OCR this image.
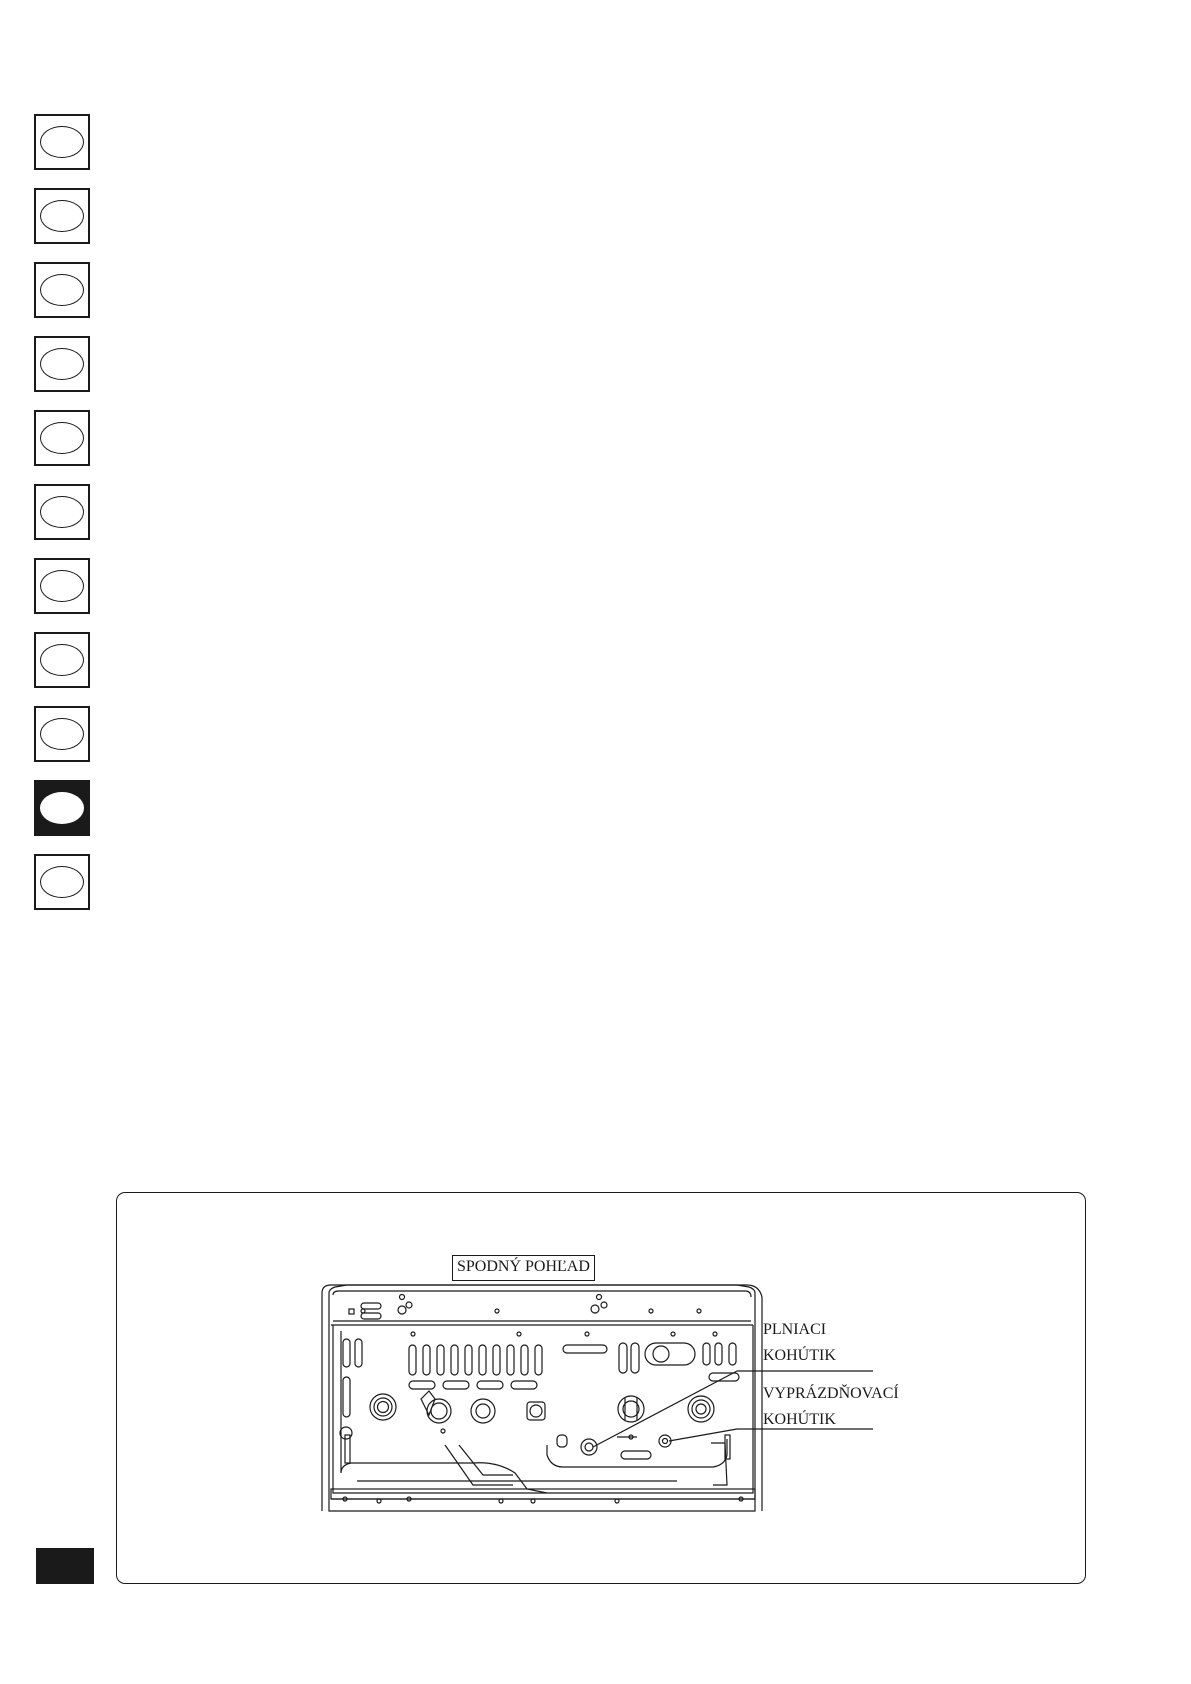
SPODNÝ POHĽAD
PLNIACI
KOHÚTIK
VYPRÁZDŇOVACÍ
KOHÚTIK
